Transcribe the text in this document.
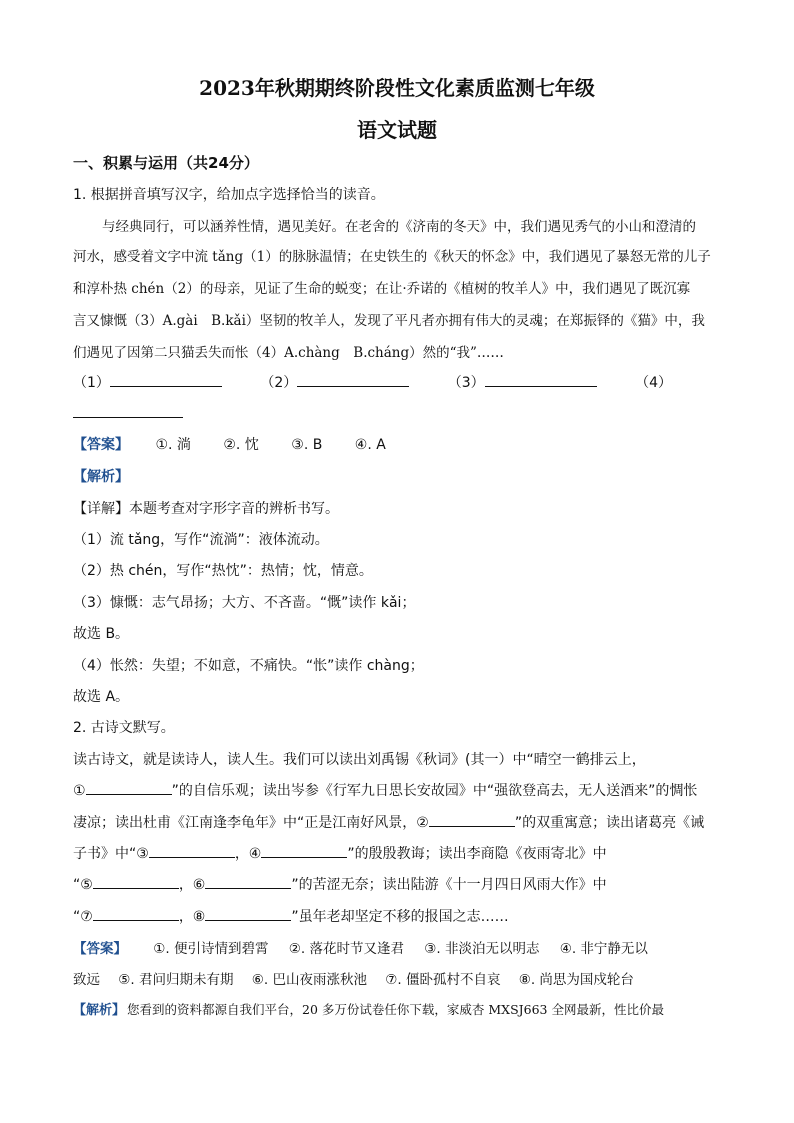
2023年秋期期终阶段性文化素质监测七年级
语文试题
一、积累与运用（共24分）
1. 根据拼音填写汉字，给加点字选择恰当的读音。
与经典同行，可以涵养性情，遇见美好。在老舍的《济南的冬天》中，我们遇见秀气的小山和澄清的
河水，感受着文字中流 tǎng（1）的脉脉温情；在史铁生的《秋天的怀念》中，我们遇见了暴怒无常的儿子
和淳朴热 chén（2）的母亲，见证了生命的蜕变；在让·乔诺的《植树的牧羊人》中，我们遇见了既沉寡
言又慷慨（3）A.gài　B.kǎi）坚韧的牧羊人，发现了平凡者亦拥有伟大的灵魂；在郑振铎的《猫》中，我
们遇见了因第二只猫丢失而怅（4）A.chàng　B.cháng）然的“我”……
（1）	（2）	（3）	（4）
【答案】 ①. 淌 ②. 忱 ③. B ④. A
【解析】
【详解】本题考查对字形字音的辨析书写。
（1）流 tǎng，写作“流淌”：液体流动。
（2）热 chén，写作“热忱”：热情；忱，情意。
（3）慷慨：志气昂扬；大方、不吝啬。“慨”读作 kǎi；
故选 B。
（4）怅然：失望；不如意，不痛快。“怅”读作 chàng；
故选 A。
2. 古诗文默写。
读古诗文，就是读诗人，读人生。我们可以读出刘禹锡《秋词》(其一）中“晴空一鹤排云上，
①	”的自信乐观；读出岑参《行军九日思长安故园》中“强欲登高去，无人送酒来”的惆怅
凄凉；读出杜甫《江南逢李龟年》中“正是江南好风景，②	”的双重寓意；读出诸葛亮《诫
子书》中“③	，④	”的殷殷教诲；读出李商隐《夜雨寄北》中
“⑤	，⑥	”的苦涩无奈；读出陆游《十一月四日风雨大作》中
“⑦	，⑧	”虽年老却坚定不移的报国之志……
【答案】 ①. 便引诗情到碧霄 ②. 落花时节又逢君 ③. 非淡泊无以明志 ④. 非宁静无以
致远 ⑤. 君问归期未有期 ⑥. 巴山夜雨涨秋池 ⑦. 僵卧孤村不自哀 ⑧. 尚思为国戍轮台
【解析】 您看到的资料都源自我们平台，20 多万份试卷任你下载，家威杏 MXSJ663 全网最新，性比价最
